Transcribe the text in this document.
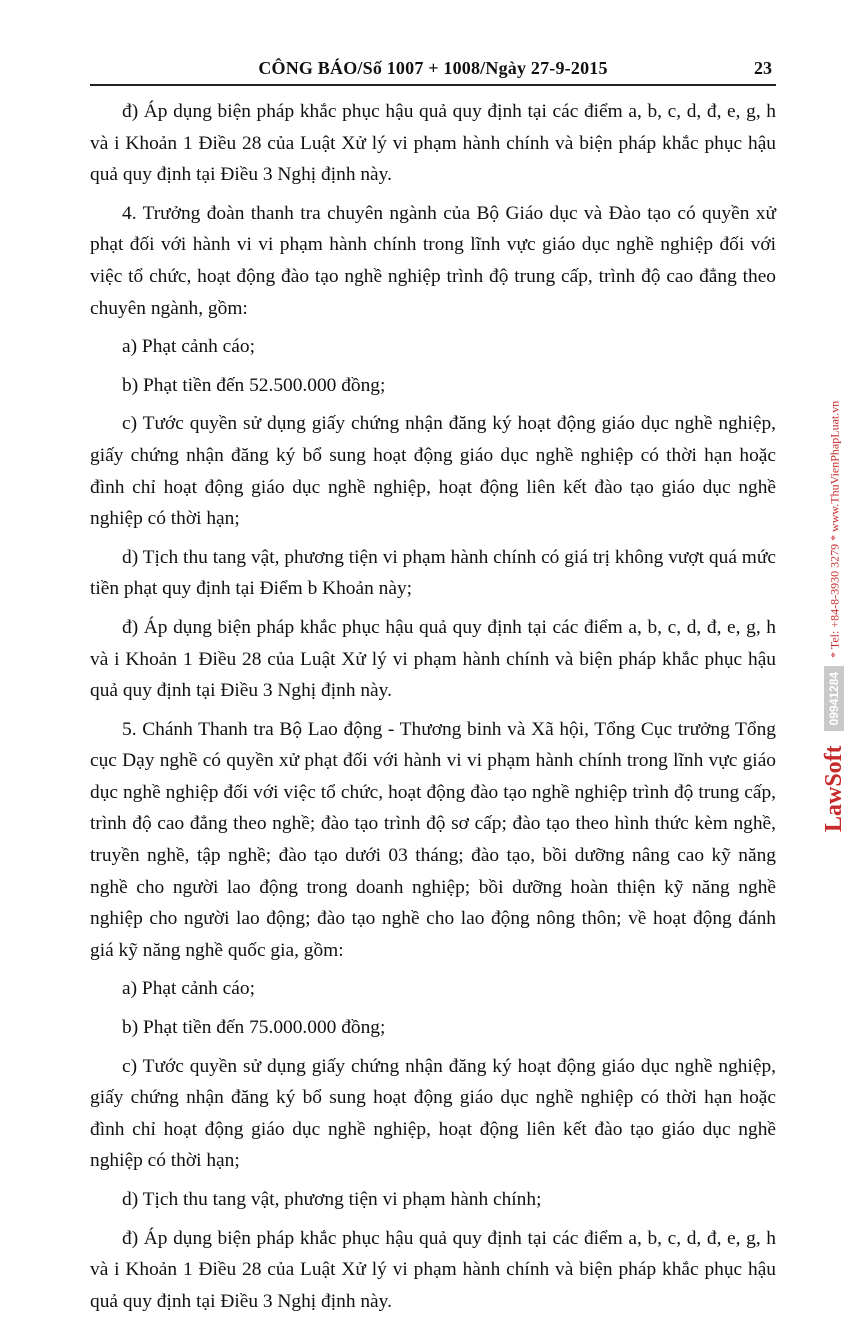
CÔNG BÁO/Số 1007 + 1008/Ngày 27-9-2015	23

đ) Áp dụng biện pháp khắc phục hậu quả quy định tại các điểm a, b, c, d, đ, e, g, h và i Khoản 1 Điều 28 của Luật Xử lý vi phạm hành chính và biện pháp khắc phục hậu quả quy định tại Điều 3 Nghị định này.

4. Trưởng đoàn thanh tra chuyên ngành của Bộ Giáo dục và Đào tạo có quyền xử phạt đối với hành vi vi phạm hành chính trong lĩnh vực giáo dục nghề nghiệp đối với việc tổ chức, hoạt động đào tạo nghề nghiệp trình độ trung cấp, trình độ cao đẳng theo chuyên ngành, gồm:

a) Phạt cảnh cáo;

b) Phạt tiền đến 52.500.000 đồng;

c) Tước quyền sử dụng giấy chứng nhận đăng ký hoạt động giáo dục nghề nghiệp, giấy chứng nhận đăng ký bổ sung hoạt động giáo dục nghề nghiệp có thời hạn hoặc đình chỉ hoạt động giáo dục nghề nghiệp, hoạt động liên kết đào tạo giáo dục nghề nghiệp có thời hạn;

d) Tịch thu tang vật, phương tiện vi phạm hành chính có giá trị không vượt quá mức tiền phạt quy định tại Điểm b Khoản này;

đ) Áp dụng biện pháp khắc phục hậu quả quy định tại các điểm a, b, c, d, đ, e, g, h và i Khoản 1 Điều 28 của Luật Xử lý vi phạm hành chính và biện pháp khắc phục hậu quả quy định tại Điều 3 Nghị định này.

5. Chánh Thanh tra Bộ Lao động - Thương binh và Xã hội, Tổng Cục trưởng Tổng cục Dạy nghề có quyền xử phạt đối với hành vi vi phạm hành chính trong lĩnh vực giáo dục nghề nghiệp đối với việc tổ chức, hoạt động đào tạo nghề nghiệp trình độ trung cấp, trình độ cao đẳng theo nghề; đào tạo trình độ sơ cấp; đào tạo theo hình thức kèm nghề, truyền nghề, tập nghề; đào tạo dưới 03 tháng; đào tạo, bồi dưỡng nâng cao kỹ năng nghề cho người lao động trong doanh nghiệp; bồi dưỡng hoàn thiện kỹ năng nghề nghiệp cho người lao động; đào tạo nghề cho lao động nông thôn; về hoạt động đánh giá kỹ năng nghề quốc gia, gồm:

a) Phạt cảnh cáo;

b) Phạt tiền đến 75.000.000 đồng;

c) Tước quyền sử dụng giấy chứng nhận đăng ký hoạt động giáo dục nghề nghiệp, giấy chứng nhận đăng ký bổ sung hoạt động giáo dục nghề nghiệp có thời hạn hoặc đình chỉ hoạt động giáo dục nghề nghiệp, hoạt động liên kết đào tạo giáo dục nghề nghiệp có thời hạn;

d) Tịch thu tang vật, phương tiện vi phạm hành chính;

đ) Áp dụng biện pháp khắc phục hậu quả quy định tại các điểm a, b, c, d, đ, e, g, h và i Khoản 1 Điều 28 của Luật Xử lý vi phạm hành chính và biện pháp khắc phục hậu quả quy định tại Điều 3 Nghị định này.

LawSoft 09941284 * Tel: +84-8-3930 3279 * www.ThuVienPhapLuat.vn
